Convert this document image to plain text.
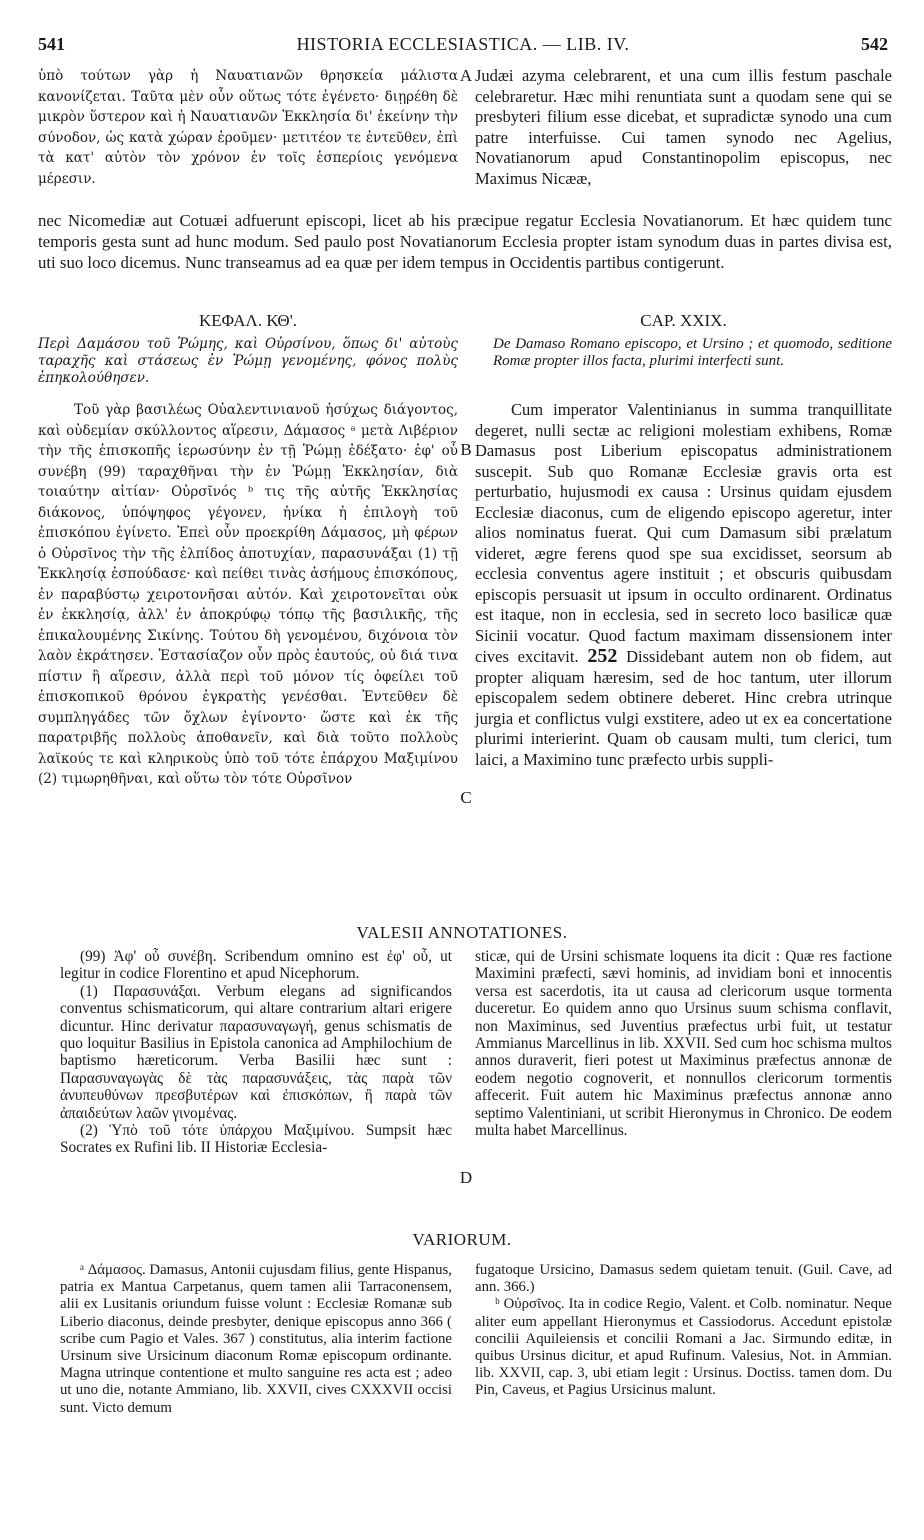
541	HISTORIA ECCLESIASTICA. — LIB. IV.	542

ὑπὸ τούτων γὰρ ἡ Ναυατιανῶν θρησκεία μάλιστα κανονίζεται. Ταῦτα μὲν οὖν οὕτως τότε ἐγένετο· διῃρέθη δὲ μικρὸν ὕστερον καὶ ἡ Ναυατιανῶν Ἐκκλησία δι' ἐκείνην τὴν σύνοδον, ὡς κατὰ χώραν ἐροῦμεν· μετιτέον τε ἐντεῦθεν, ἐπὶ τὰ κατ' αὐτὸν τὸν χρόνον ἐν τοῖς ἑσπερίοις γενόμενα μέρεσιν.

A Judæi azyma celebrarent, et una cum illis festum paschale celebraretur. Hæc mihi renuntiata sunt a quodam sene qui se presbyteri filium esse dicebat, et supradictæ synodo una cum patre interfuisse. Cui tamen synodo nec Agelius, Novatianorum apud Constantinopolim episcopus, nec Maximus Nicææ,

nec Nicomediæ aut Cotuæi adfuerunt episcopi, licet ab his præcipue regatur Ecclesia Novatianorum. Et hæc quidem tunc temporis gesta sunt ad hunc modum. Sed paulo post Novatianorum Ecclesia propter istam synodum duas in partes divisa est, uti suo loco dicemus. Nunc transeamus ad ea quæ per idem tempus in Occidentis partibus contigerunt.

ΚΕΦΑΛ. ΚΘ'.	CAP. XXIX.

Περὶ Δαμάσου τοῦ Ῥώμης, καὶ Οὐρσίνου, ὅπως δι' αὐτοὺς ταραχῆς καὶ στάσεως ἐν Ῥώμῃ γενομένης, φόνος πολὺς ἐπηκολούθησεν.

De Damaso Romano episcopo, et Ursino ; et quomodo, seditione Romæ propter illos facta, plurimi interfecti sunt.

Τοῦ γὰρ βασιλέως Οὐαλεντινιανοῦ ἡσύχως διάγοντος, καὶ οὐδεμίαν σκύλλοντος αἵρεσιν, Δάμασος ᵃ μετὰ Λιβέριον τὴν τῆς ἐπισκοπῆς ἱερωσύνην ἐν τῇ Ῥώμῃ ἐδέξατο· ἐφ' οὗ συνέβη (99) ταραχθῆναι τὴν ἐν Ῥώμῃ Ἐκκλησίαν, διὰ τοιαύτην αἰτίαν· Οὐρσῖνός ᵇ τις τῆς αὐτῆς Ἐκκλησίας διάκονος, ὑπόψηφος γέγονεν, ἡνίκα ἡ ἐπιλογὴ τοῦ ἐπισκόπου ἐγίνετο. Ἐπεὶ οὖν προεκρίθη Δάμασος, μὴ φέρων ὁ Οὐρσῖνος τὴν τῆς ἐλπίδος ἀποτυχίαν, παρασυνάξαι (1) τῇ Ἐκκλησίᾳ ἐσπούδασε· καὶ πείθει τινὰς ἀσήμους ἐπισκόπους, ἐν παραβύστῳ χειροτονῆσαι αὐτόν. Καὶ χειροτονεῖται οὐκ ἐν ἐκκλησίᾳ, ἀλλ' ἐν ἀποκρύφῳ τόπῳ τῆς βασιλικῆς, τῆς ἐπικαλουμένης Σικίνης. Τούτου δὴ γενομένου, διχόνοια τὸν λαὸν ἐκράτησεν. Ἐστασίαζον οὖν πρὸς ἑαυτούς, οὐ διά τινα πίστιν ἢ αἵρεσιν, ἀλλὰ περὶ τοῦ μόνον τίς ὀφείλει τοῦ ἐπισκοπικοῦ θρόνου ἐγκρατὴς γενέσθαι. Ἐντεῦθεν δὲ συμπληγάδες τῶν ὄχλων ἐγίνοντο· ὥστε καὶ ἐκ τῆς παρατριβῆς πολλοὺς ἀποθανεῖν, καὶ διὰ τοῦτο πολλοὺς λαϊκούς τε καὶ κληρικοὺς ὑπὸ τοῦ τότε ἐπάρχου Μαξιμίνου (2) τιμωρηθῆναι, καὶ οὕτω τὸν τότε Οὐρσῖνον

B
C

Cum imperator Valentinianus in summa tranquillitate degeret, nulli sectæ ac religioni molestiam exhibens, Romæ Damasus post Liberium episcopatus administrationem suscepit. Sub quo Romanæ Ecclesiæ gravis orta est perturbatio, hujusmodi ex causa : Ursinus quidam ejusdem Ecclesiæ diaconus, cum de eligendo episcopo ageretur, inter alios nominatus fuerat. Qui cum Damasum sibi prælatum videret, ægre ferens quod spe sua excidisset, seorsum ab ecclesia conventus agere instituit ; et obscuris quibusdam episcopis persuasit ut ipsum in occulto ordinarent. Ordinatus est itaque, non in ecclesia, sed in secreto loco basilicæ quæ Sicinii vocatur. Quod factum maximam dissensionem inter cives excitavit. 252 Dissidebant autem non ob fidem, aut propter aliquam hæresim, sed de hoc tantum, uter illorum episcopalem sedem obtinere deberet. Hinc crebra utrinque jurgia et conflictus vulgi exstitere, adeo ut ex ea concertatione plurimi interierint. Quam ob causam multi, tum clerici, tum laici, a Maximino tunc præfecto urbis suppli-

VALESII ANNOTATIONES.

(99) Ἀφ' οὗ συνέβη. Scribendum omnino est ἐφ' οὗ, ut legitur in codice Florentino et apud Nicephorum.

(1) Παρασυνάξαι. Verbum elegans ad significandos conventus schismaticorum, qui altare contrarium altari erigere dicuntur. Hinc derivatur παρασυναγωγή, genus schismatis de quo loquitur Basilius in Epistola canonica ad Amphilochium de baptismo hæreticorum. Verba Basilii hæc sunt : Παρασυναγωγὰς δὲ τὰς παρασυνάξεις, τὰς παρὰ τῶν ἀνυπευθύνων πρεσβυτέρων καὶ ἐπισκόπων, ἢ παρὰ τῶν ἀπαιδεύτων λαῶν γινομένας.

(2) Ὑπὸ τοῦ τότε ὑπάρχου Μαξιμίνου. Sumpsit hæc Socrates ex Rufini lib. II Historiæ Ecclesia-

D

sticæ, qui de Ursini schismate loquens ita dicit : Quæ res factione Maximini præfecti, sævi hominis, ad invidiam boni et innocentis versa est sacerdotis, ita ut causa ad clericorum usque tormenta duceretur. Eo quidem anno quo Ursinus suum schisma conflavit, non Maximinus, sed Juventius præfectus urbi fuit, ut testatur Ammianus Marcellinus in lib. XXVII. Sed cum hoc schisma multos annos duraverit, fieri potest ut Maximinus præfectus annonæ de eodem negotio cognoverit, et nonnullos clericorum tormentis affecerit. Fuit autem hic Maximinus præfectus annonæ anno septimo Valentiniani, ut scribit Hieronymus in Chronico. De eodem multa habet Marcellinus.

VARIORUM.

ᵃ Δάμασος. Damasus, Antonii cujusdam filius, gente Hispanus, patria ex Mantua Carpetanus, quem tamen alii Tarraconensem, alii ex Lusitanis oriundum fuisse volunt : Ecclesiæ Romanæ sub Liberio diaconus, deinde presbyter, denique episcopus anno 366 ( scribe cum Pagio et Vales. 367 ) constitutus, alia interim factione Ursinum sive Ursicinum diaconum Romæ episcopum ordinante. Magna utrinque contentione et multo sanguine res acta est ; adeo ut uno die, notante Ammiano, lib. XXVII, cives CXXXVII occisi sunt. Victo demum

fugatoque Ursicino, Damasus sedem quietam tenuit. (Guil. Cave, ad ann. 366.)

ᵇ Οὐρσῖνος. Ita in codice Regio, Valent. et Colb. nominatur. Neque aliter eum appellant Hieronymus et Cassiodorus. Accedunt epistolæ concilii Aquileiensis et concilii Romani a Jac. Sirmundo editæ, in quibus Ursinus dicitur, et apud Rufinum. Valesius, Not. in Ammian. lib. XXVII, cap. 3, ubi etiam legit : Ursinus. Doctiss. tamen dom. Du Pin, Caveus, et Pagius Ursicinus malunt.
